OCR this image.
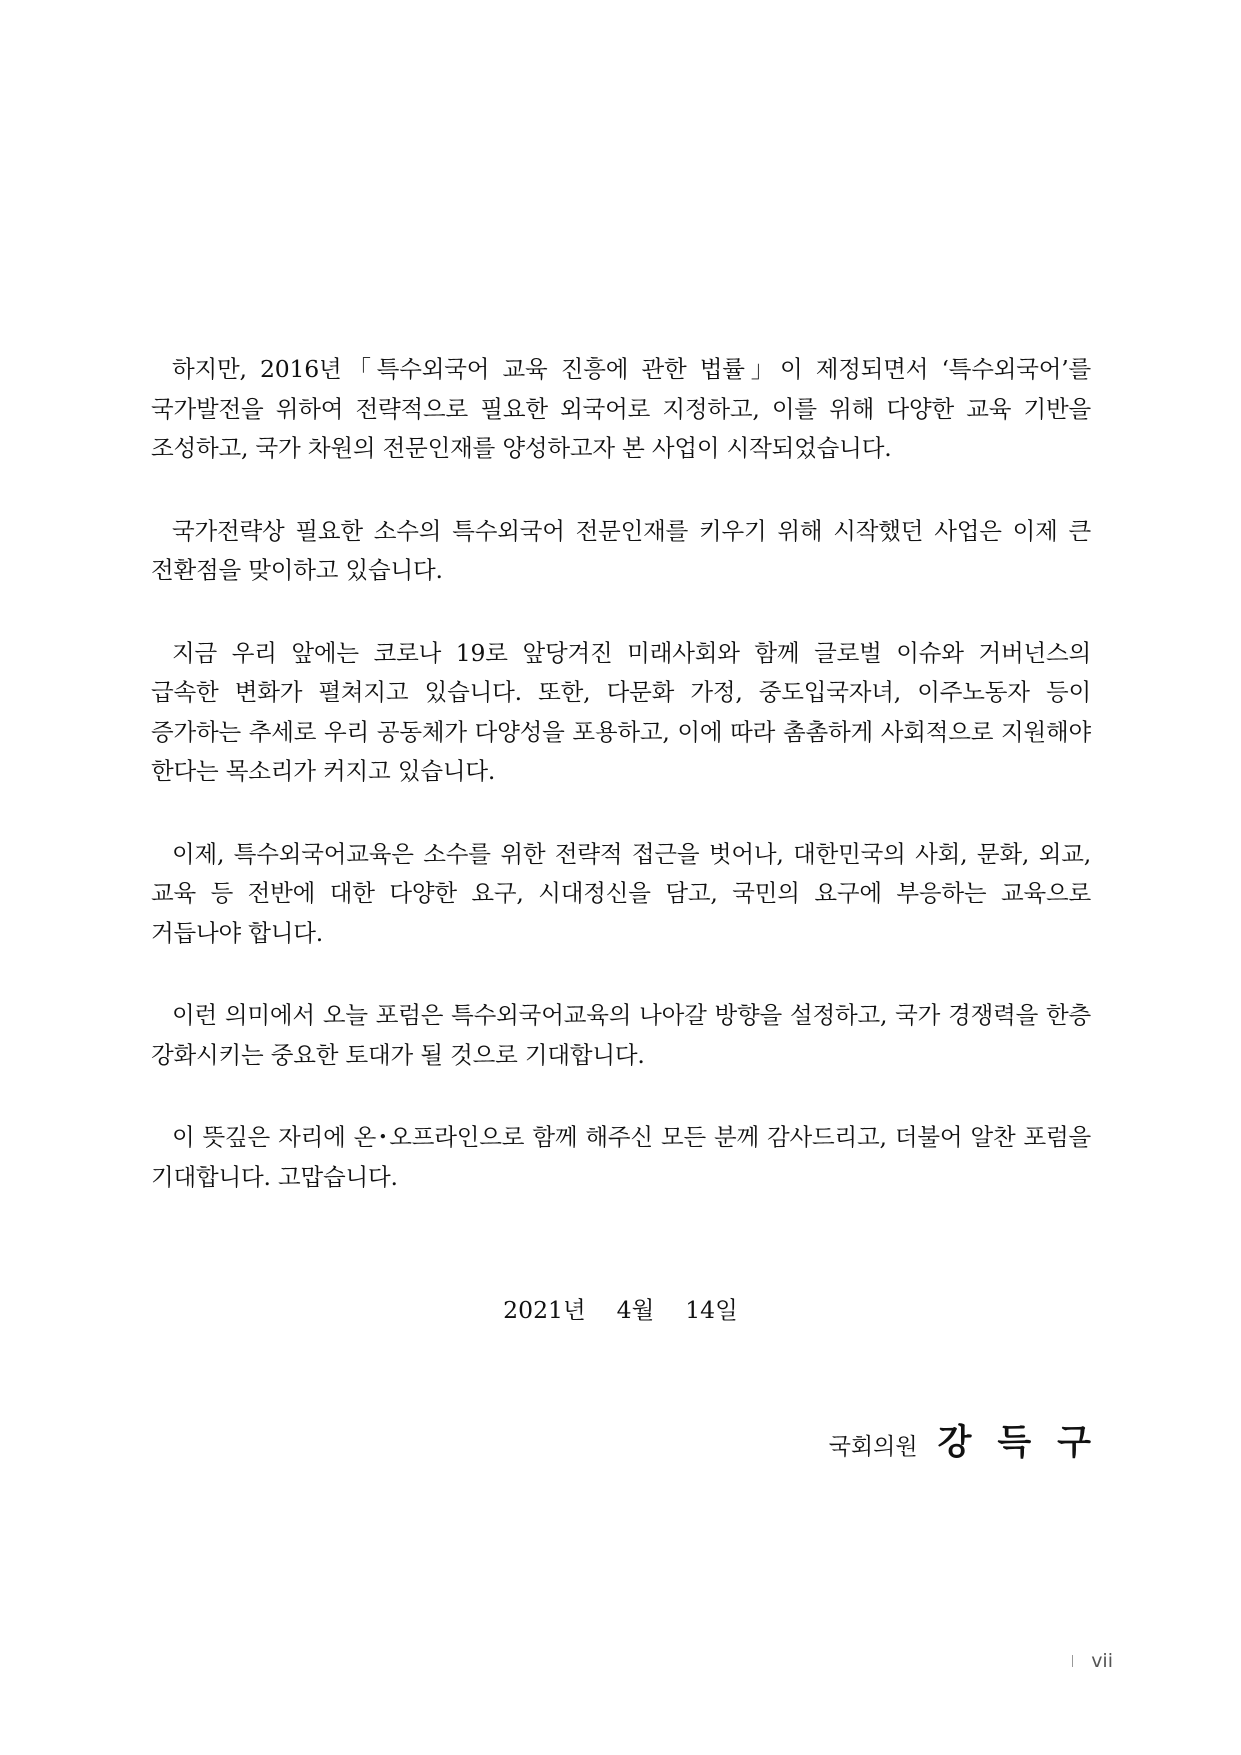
하지만, 2016년「특수외국어 교육 진흥에 관한 법률」이 제정되면서 ‘특수외국어’를 국가발전을 위하여 전략적으로 필요한 외국어로 지정하고, 이를 위해 다양한 교육 기반을 조성하고, 국가 차원의 전문인재를 양성하고자 본 사업이 시작되었습니다.

국가전략상 필요한 소수의 특수외국어 전문인재를 키우기 위해 시작했던 사업은 이제 큰 전환점을 맞이하고 있습니다.

지금 우리 앞에는 코로나 19로 앞당겨진 미래사회와 함께 글로벌 이슈와 거버넌스의 급속한 변화가 펼쳐지고 있습니다. 또한, 다문화 가정, 중도입국자녀, 이주노동자 등이 증가하는 추세로 우리 공동체가 다양성을 포용하고, 이에 따라 촘촘하게 사회적으로 지원해야 한다는 목소리가 커지고 있습니다.

이제, 특수외국어교육은 소수를 위한 전략적 접근을 벗어나, 대한민국의 사회, 문화, 외교, 교육 등 전반에 대한 다양한 요구, 시대정신을 담고, 국민의 요구에 부응하는 교육으로 거듭나야 합니다.

이런 의미에서 오늘 포럼은 특수외국어교육의 나아갈 방향을 설정하고, 국가 경쟁력을 한층 강화시키는 중요한 토대가 될 것으로 기대합니다.

이 뜻깊은 자리에 온･오프라인으로 함께 해주신 모든 분께 감사드리고, 더불어 알찬 포럼을 기대합니다. 고맙습니다.

2021년  4월  14일
국회의원 강득구
vii
